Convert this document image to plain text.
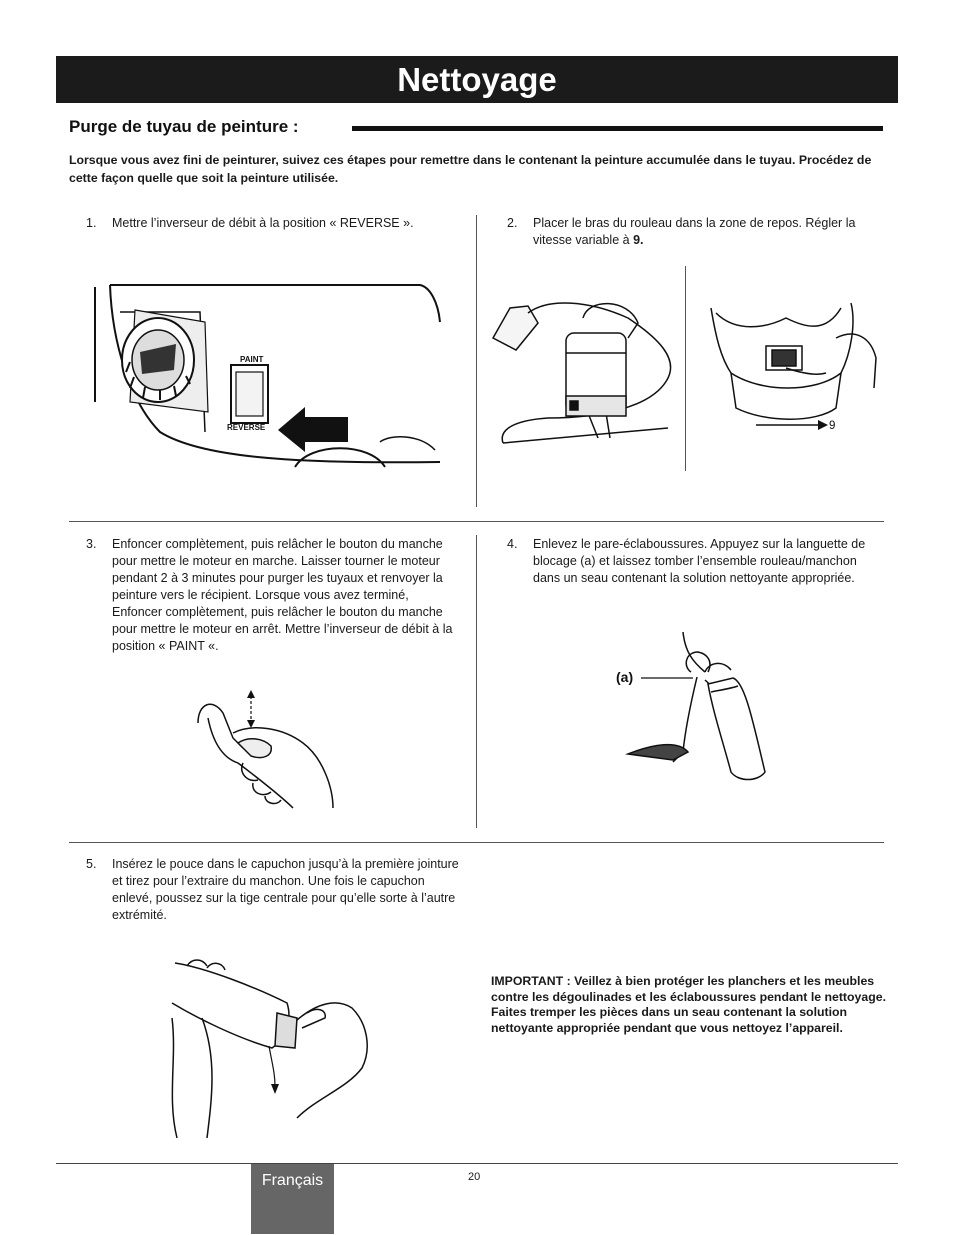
Nettoyage
Purge de tuyau de peinture :
Lorsque vous avez fini de peinturer, suivez ces étapes pour remettre dans le contenant la peinture accumulée dans le tuyau. Procédez de cette façon quelle que soit la peinture utilisée.
1. Mettre l’inverseur de débit à la position « REVERSE ».	2. Placer le bras du rouleau dans la zone de repos. Régler la vitesse variable à 9.
3. Enfoncer complètement, puis relâcher le bouton du manche pour mettre le moteur en marche. Laisser tourner le moteur pendant 2 à 3 minutes pour purger les tuyaux et renvoyer la peinture vers le récipient. Lorsque vous avez terminé, Enfoncer complètement, puis relâcher le bouton du manche pour mettre le moteur en arrêt. Mettre l’inverseur de débit à la position « PAINT «.
4. Enlevez le pare-éclaboussures. Appuyez sur la languette de blocage (a) et laissez tomber l’ensemble rouleau/manchon dans un seau contenant la solution nettoyante appropriée.
5. Insérez le pouce dans le capuchon jusqu’à la première jointure et tirez pour l’extraire du manchon. Une fois le capuchon enlevé, poussez sur la tige centrale pour qu’elle sorte à l’autre extrémité.
PAINT
REVERSE	9
(a)
IMPORTANT : Veillez à bien protéger les planchers et les meubles contre les dégoulinades et les éclaboussures pendant le nettoyage. Faites tremper les pièces dans un seau contenant la solution nettoyante appropriée pendant que vous nettoyez l’appareil.
Français	20
